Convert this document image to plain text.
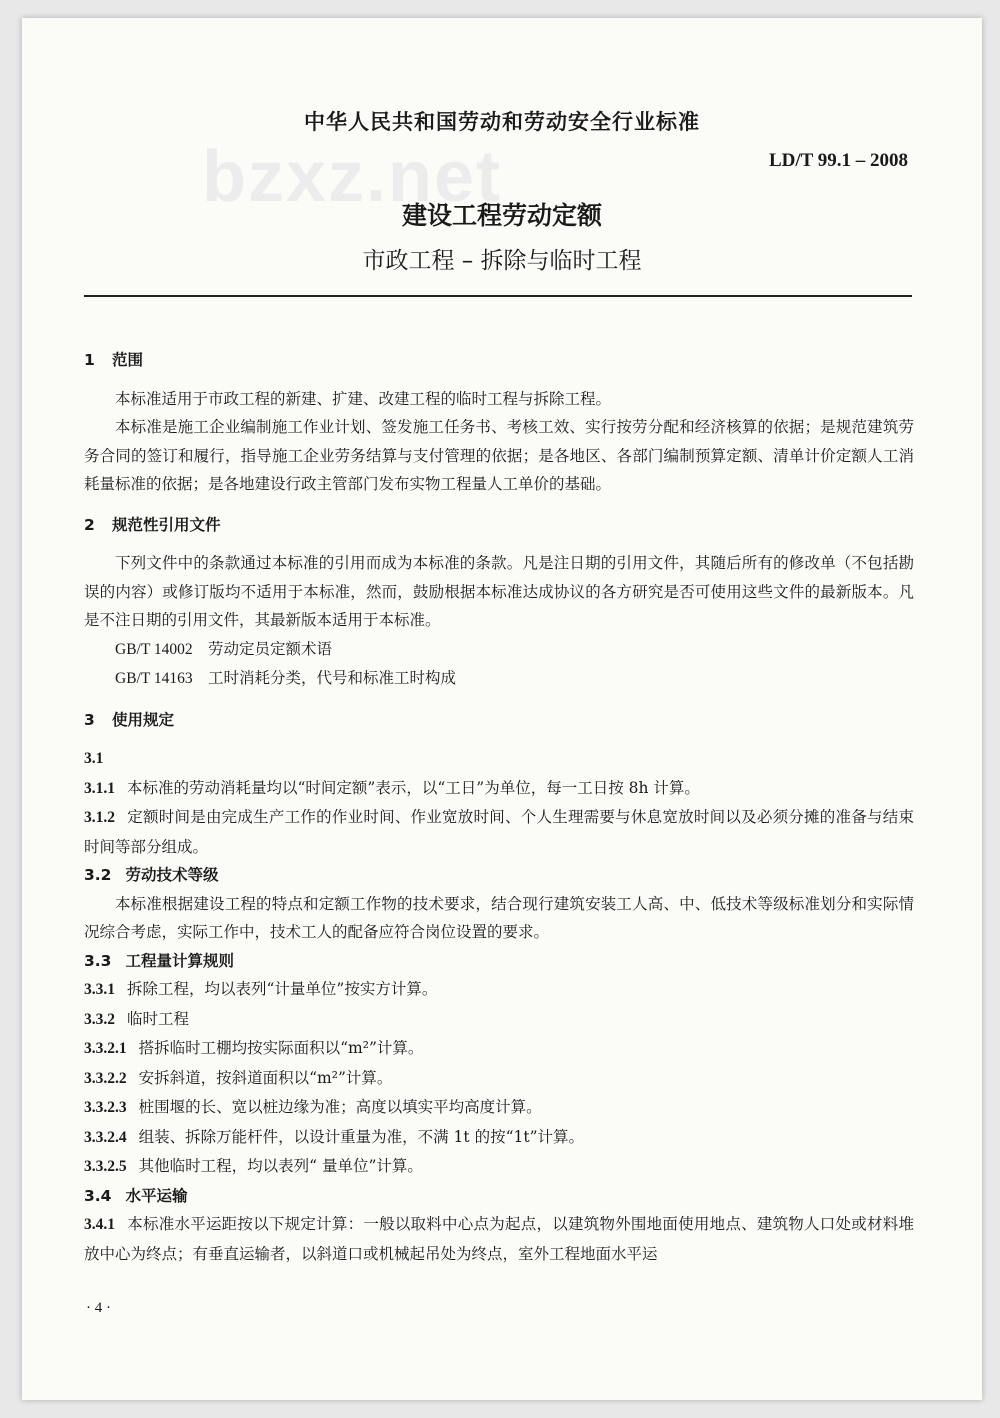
bzxz.net
中华人民共和国劳动和劳动安全行业标准
LD/T 99.1 – 2008
建设工程劳动定额
市政工程 – 拆除与临时工程

1 范围

本标准适用于市政工程的新建、扩建、改建工程的临时工程与拆除工程。

本标准是施工企业编制施工作业计划、签发施工任务书、考核工效、实行按劳分配和经济核算的依据；是规范建筑劳务合同的签订和履行，指导施工企业劳务结算与支付管理的依据；是各地区、各部门编制预算定额、清单计价定额人工消耗量标准的依据；是各地建设行政主管部门发布实物工程量人工单价的基础。

2 规范性引用文件

下列文件中的条款通过本标准的引用而成为本标准的条款。凡是注日期的引用文件，其随后所有的修改单（不包括勘误的内容）或修订版均不适用于本标准，然而，鼓励根据本标准达成协议的各方研究是否可使用这些文件的最新版本。凡是不注日期的引用文件，其最新版本适用于本标准。

GB/T 14002 劳动定员定额术语

GB/T 14163 工时消耗分类，代号和标准工时构成

3 使用规定

3.1

3.1.1 本标准的劳动消耗量均以“时间定额”表示，以“工日”为单位，每一工日按 8h 计算。

3.1.2 定额时间是由完成生产工作的作业时间、作业宽放时间、个人生理需要与休息宽放时间以及必须分摊的准备与结束时间等部分组成。

3.2 劳动技术等级

本标准根据建设工程的特点和定额工作物的技术要求，结合现行建筑安装工人高、中、低技术等级标准划分和实际情况综合考虑，实际工作中，技术工人的配备应符合岗位设置的要求。

3.3 工程量计算规则

3.3.1 拆除工程，均以表列“计量单位”按实方计算。

3.3.2 临时工程

3.3.2.1 搭拆临时工棚均按实际面积以“m²”计算。

3.3.2.2 安拆斜道，按斜道面积以“m²”计算。

3.3.2.3 桩围堰的长、宽以桩边缘为准；高度以填实平均高度计算。

3.3.2.4 组装、拆除万能杆件，以设计重量为准，不满 1t 的按“1t”计算。

3.3.2.5 其他临时工程，均以表列“ 量单位”计算。

3.4 水平运输

3.4.1 本标准水平运距按以下规定计算：一般以取料中心点为起点，以建筑物外围地面使用地点、建筑物人口处或材料堆放中心为终点；有垂直运输者，以斜道口或机械起吊处为终点，室外工程地面水平运

· 4 ·
